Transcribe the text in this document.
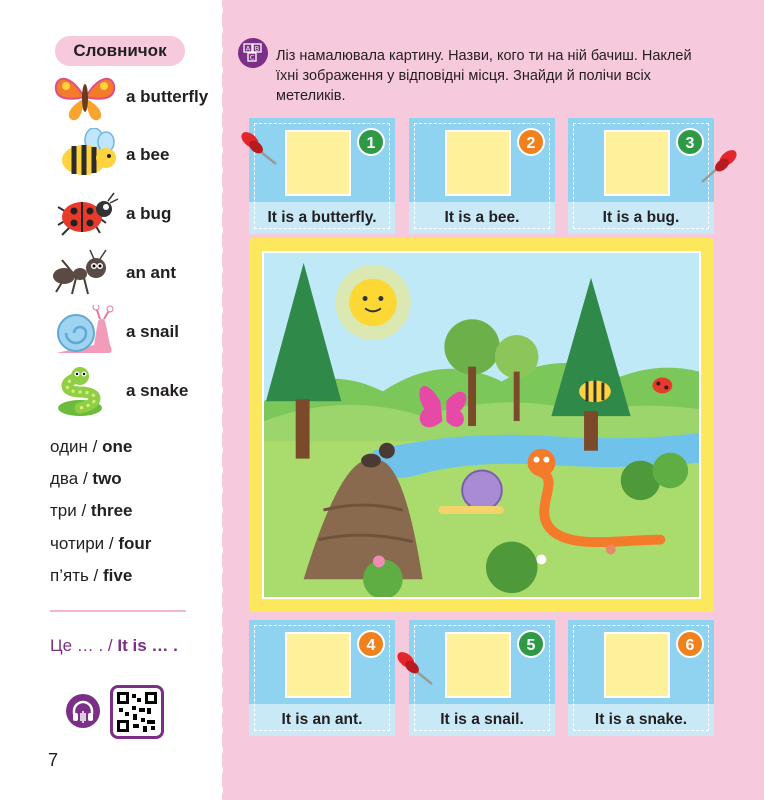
Словничок
a butterfly
a bee
a bug
an ant
a snail
a snake
один / one
два / two
три / three
чотири / four
п’ять / five
Це … . / It is … .
7
A B
C Ліз намалювала картину. Назви, кого ти на ній бачиш. Наклей їхні зображення у відповідні місця. Знайди й полічи всіх метеликів.
1
It is a butterfly.
2
It is a bee.
3
It is a bug.
4
It is an ant.
5
It is a snail.
6
It is a snake.
